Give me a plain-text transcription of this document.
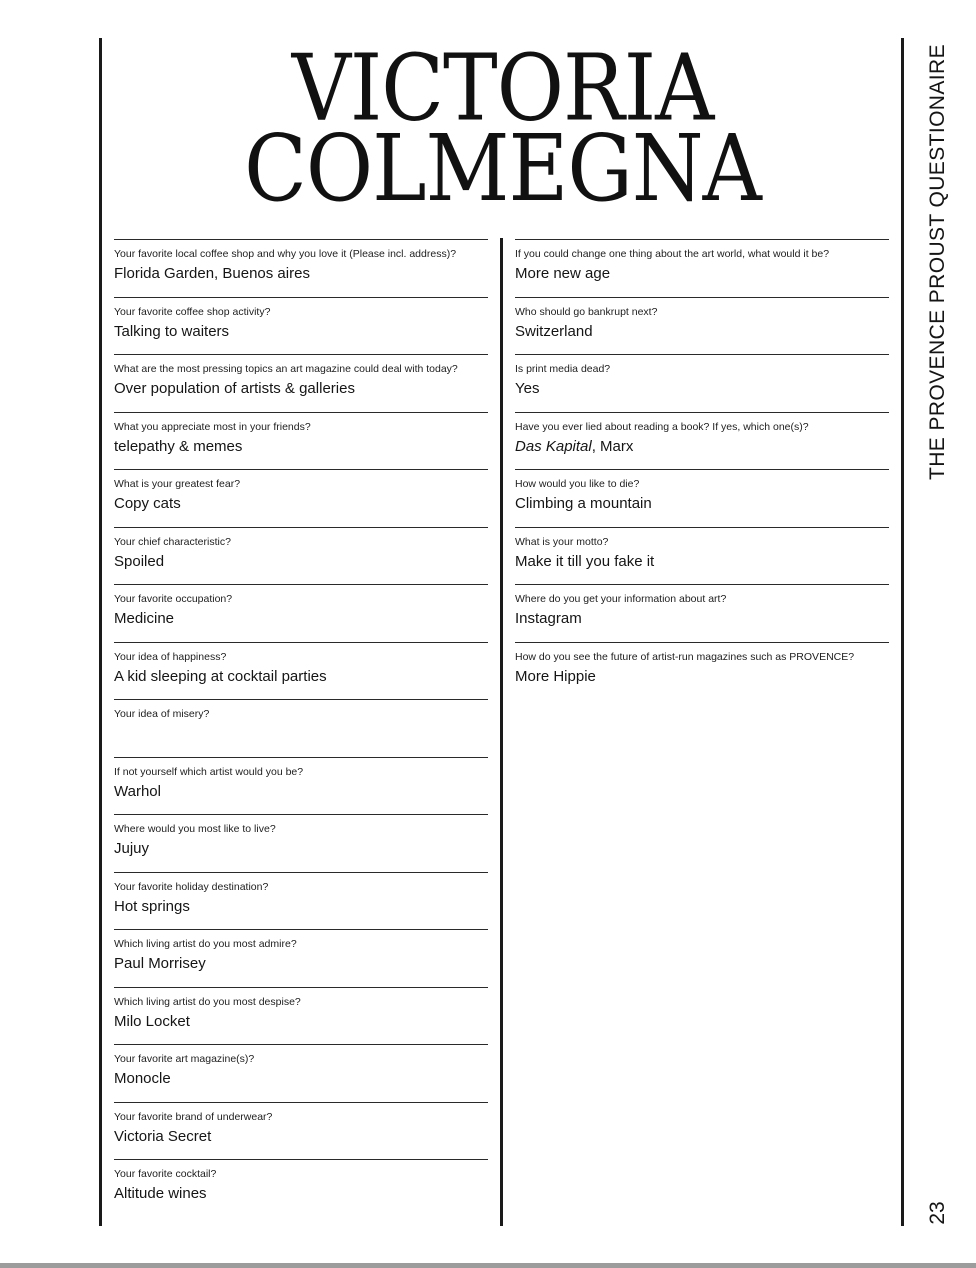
VICTORIA
COLMEGNA
Your favorite local coffee shop and why you love it (Please incl. address)?
Florida Garden, Buenos aires
Your favorite coffee shop activity?
Talking to waiters
What are the most pressing topics an art magazine could deal with today?
Over population of artists & galleries
What you appreciate most in your friends?
telepathy & memes
What is your greatest fear?
Copy cats
Your chief characteristic?
Spoiled
Your favorite occupation?
Medicine
Your idea of happiness?
A kid sleeping at cocktail parties
Your idea of misery?
If not yourself which artist would you be?
Warhol
Where would you most like to live?
Jujuy
Your favorite holiday destination?
Hot springs
Which living artist do you most admire?
Paul Morrisey
Which living artist do you most despise?
Milo Locket
Your favorite art magazine(s)?
Monocle
Your favorite brand of underwear?
Victoria Secret
Your favorite cocktail?
Altitude wines
If you could change one thing about the art world, what would it be?
More new age
Who should go bankrupt next?
Switzerland
Is print media dead?
Yes
Have you ever lied about reading a book? If yes, which one(s)?
Das Kapital, Marx
How would you like to die?
Climbing a mountain
What is your motto?
Make it till you fake it
Where do you get your information about art?
Instagram
How do you see the future of artist-run magazines such as PROVENCE?
More Hippie
THE PROVENCE PROUST QUESTIONAIRE
23
